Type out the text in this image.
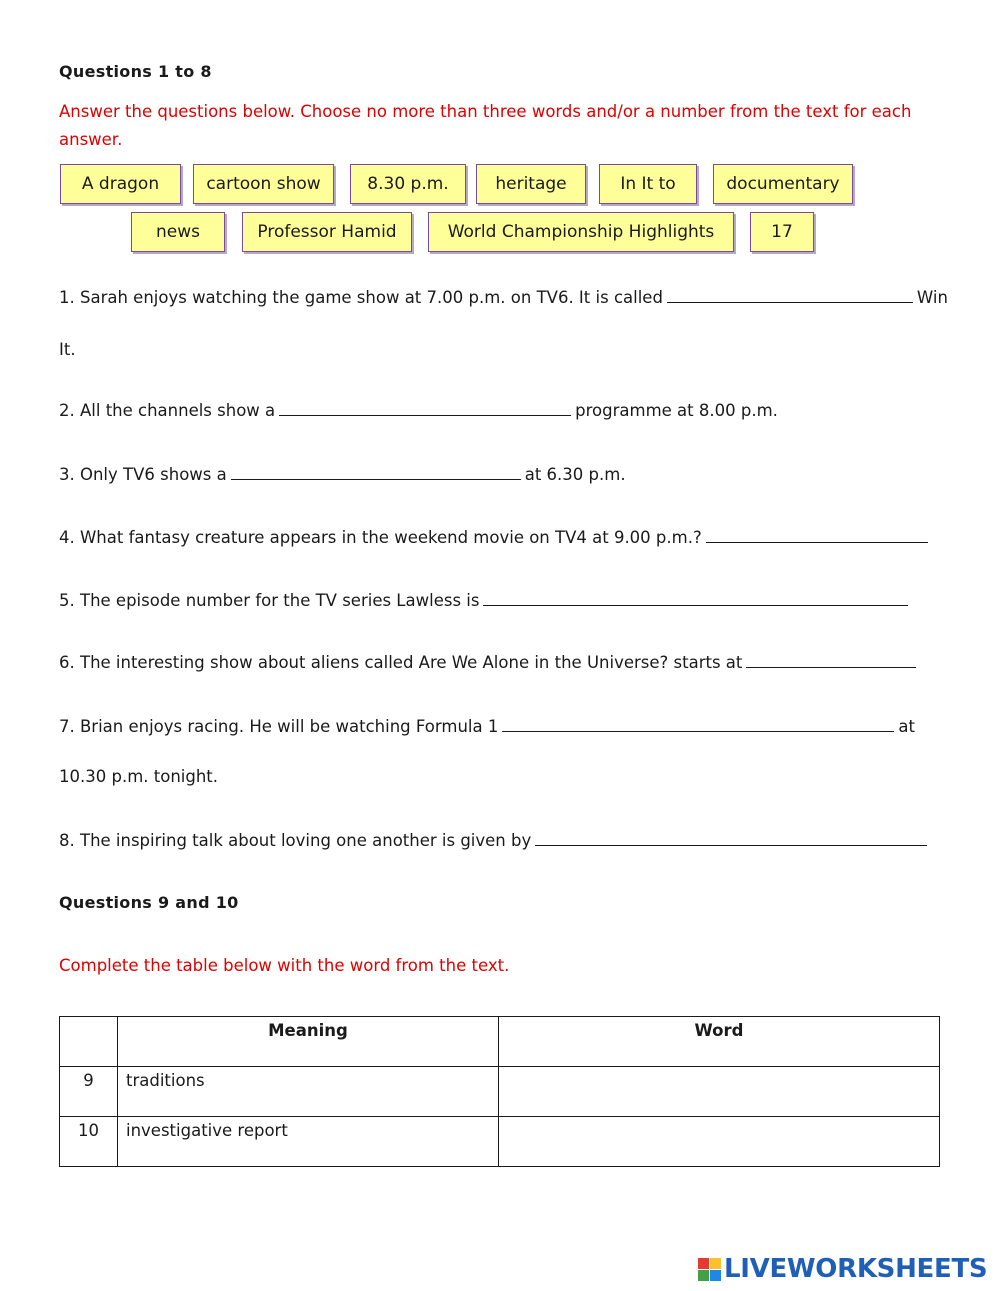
Questions 1 to 8
Answer the questions below. Choose no more than three words and/or a number from the text for each answer.
A dragon	cartoon show	8.30 p.m.	heritage	In It to	documentary
news	Professor Hamid	World Championship Highlights	17
1. Sarah enjoys watching the game show at 7.00 p.m. on TV6. It is called	Win
It.
2. All the channels show a	programme at 8.00 p.m.
3. Only TV6 shows a	at 6.30 p.m.
4. What fantasy creature appears in the weekend movie on TV4 at 9.00 p.m.?
5. The episode number for the TV series Lawless is
6. The interesting show about aliens called Are We Alone in the Universe? starts at
7. Brian enjoys racing. He will be watching Formula 1	at
10.30 p.m. tonight.
8. The inspiring talk about loving one another is given by
Questions 9 and 10
Complete the table below with the word from the text.
	Meaning	Word
9	traditions	
10	investigative report	
LIVEWORKSHEETS
